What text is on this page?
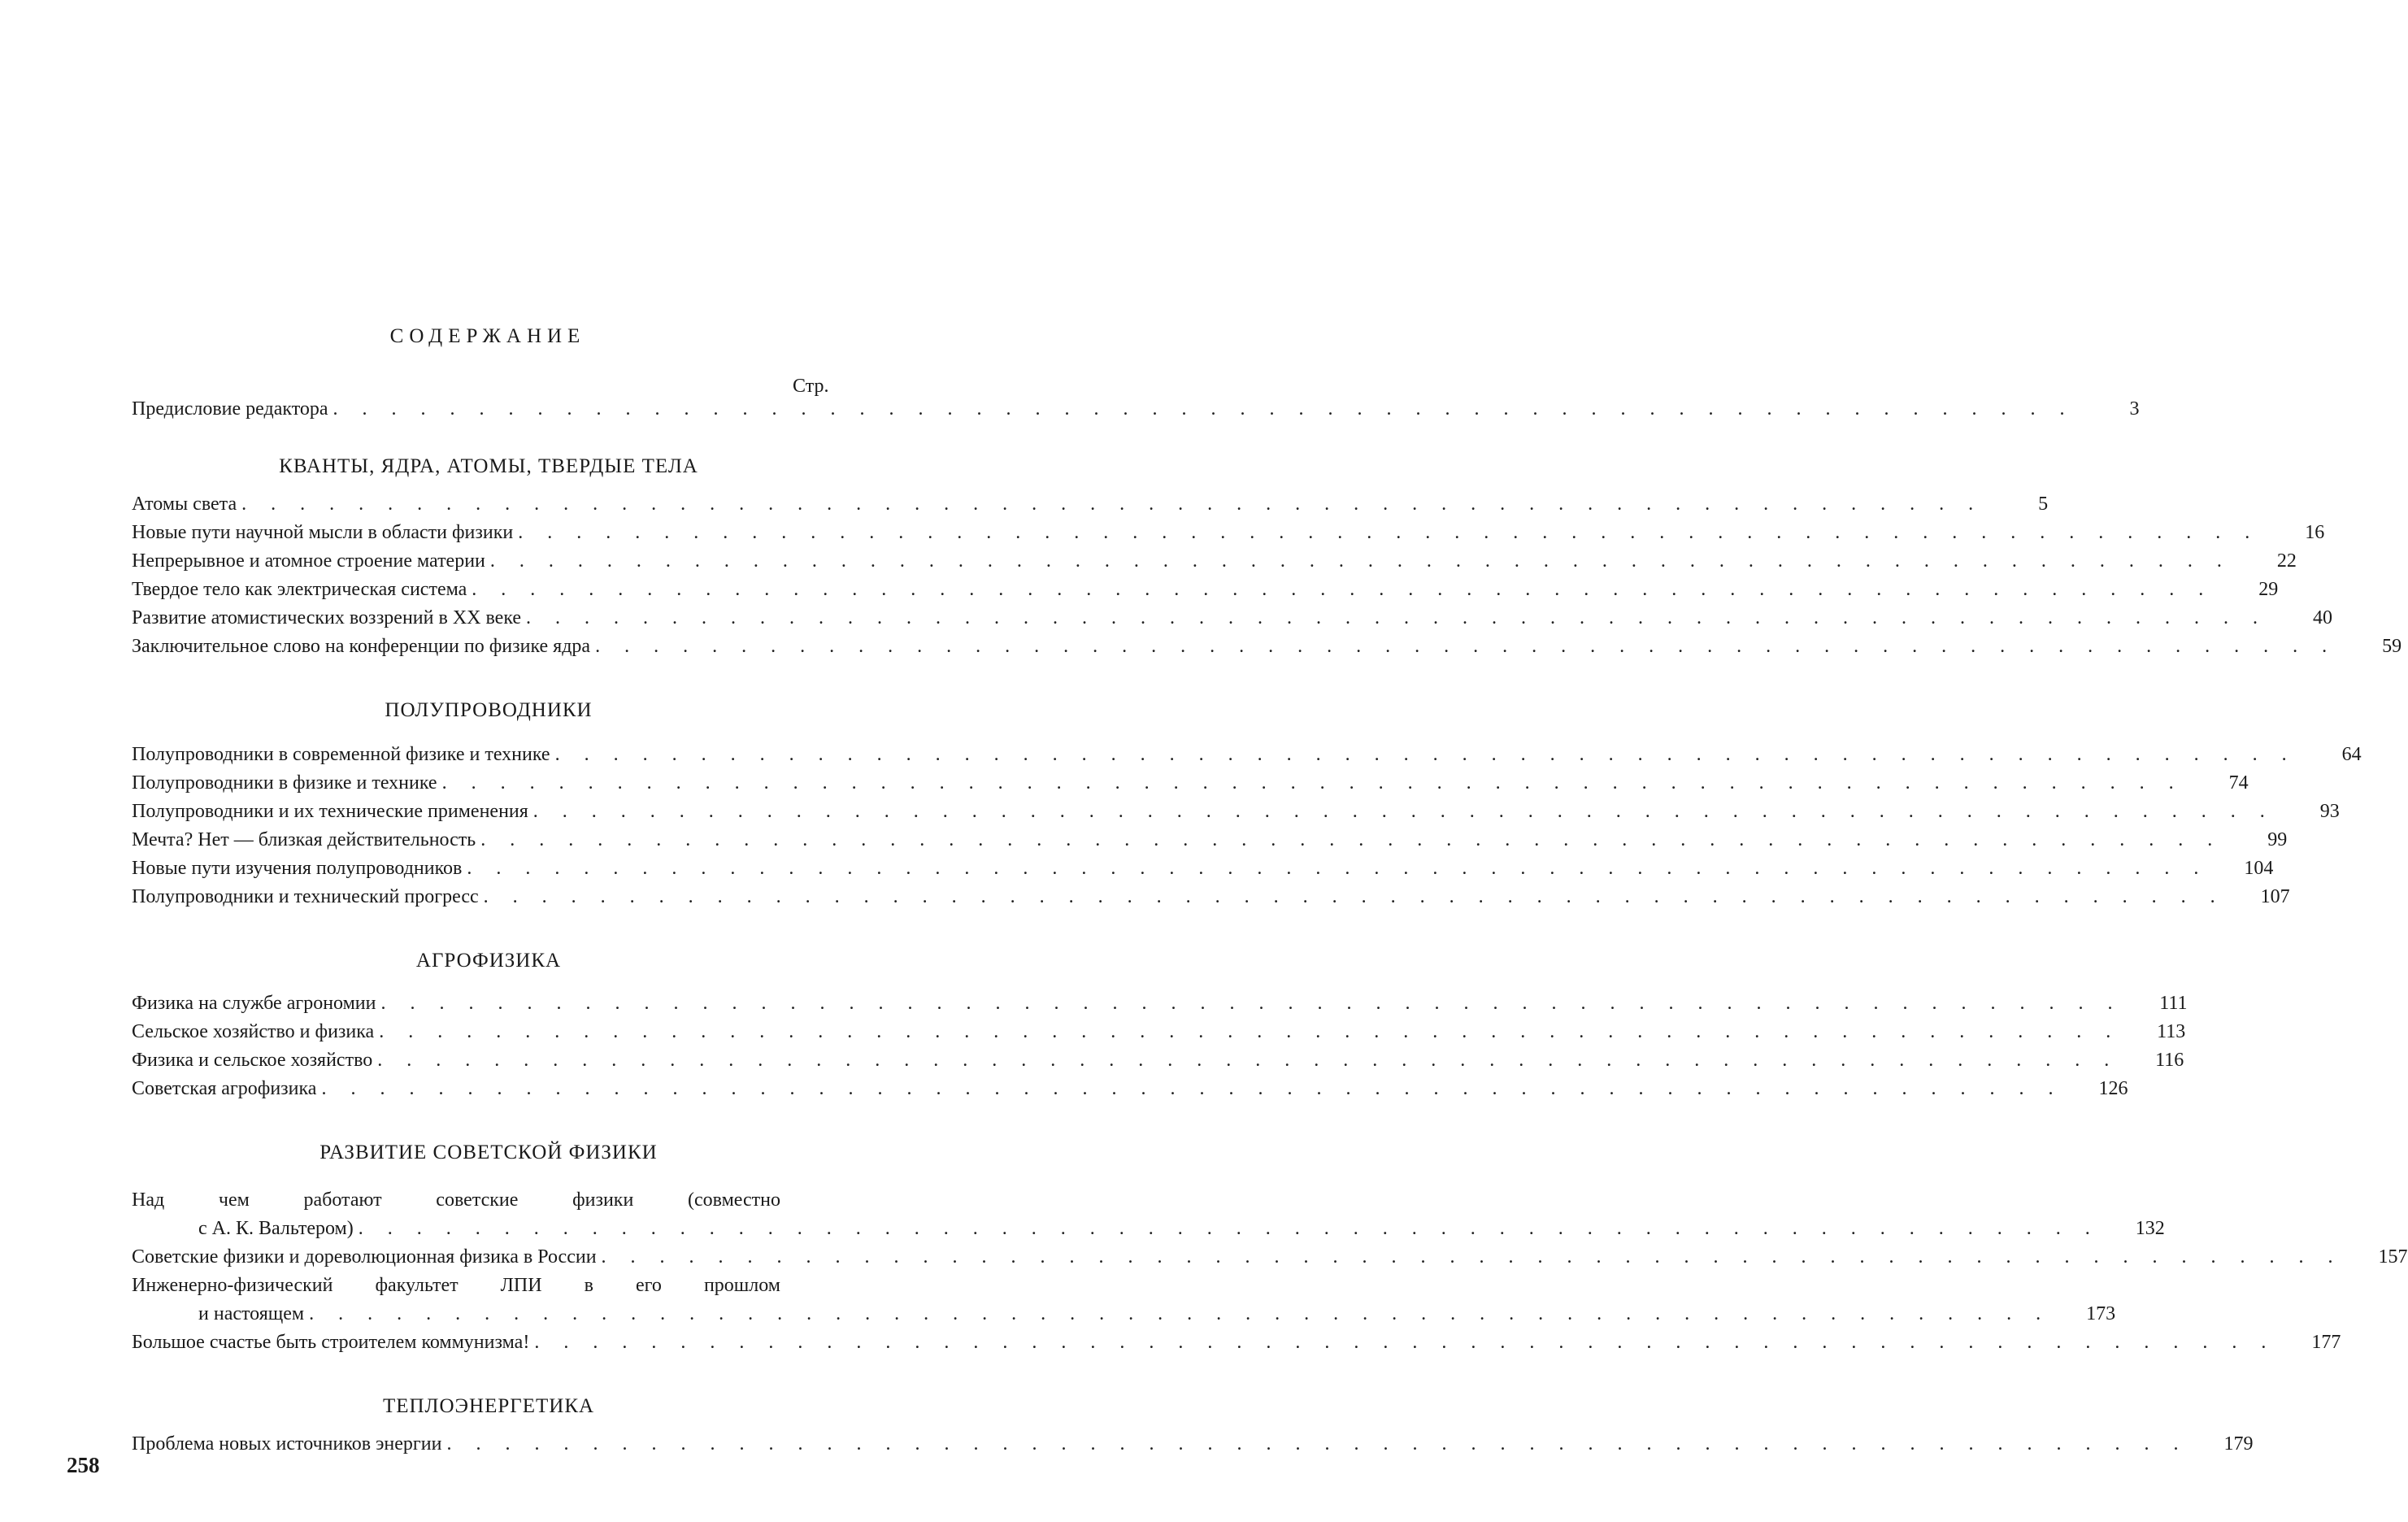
СОДЕРЖАНИЕ
Стр.
Предисловие редактора . . . . . . . . . . . . . . . . . . . . . . . . . . . . . . . . . . . . . . . . . . . . . . . . . . . . . . . . . . . .	3
КВАНТЫ, ЯДРА, АТОМЫ, ТВЕРДЫЕ ТЕЛА
Атомы света . . . . . . . . . . . . . . . . . . . . . . . . . . . . . . . . . . . . . . . . . . . . . . . . . . . . . . . . . . . .	5
Новые пути научной мысли в области физики . . . . . . . . . . . . . . . . . . . . . . . . . . . . . . . . . . . . . . . . . . . . . . . . . . . . . . . . . . . .	16
Непрерывное и атомное строение материи . . . . . . . . . . . . . . . . . . . . . . . . . . . . . . . . . . . . . . . . . . . . . . . . . . . . . . . . . . . .	22
Твердое тело как электрическая система . . . . . . . . . . . . . . . . . . . . . . . . . . . . . . . . . . . . . . . . . . . . . . . . . . . . . . . . . . . .	29
Развитие атомистических воззрений в XX веке . . . . . . . . . . . . . . . . . . . . . . . . . . . . . . . . . . . . . . . . . . . . . . . . . . . . . . . . . . . .	40
Заключительное слово на конференции по физике ядра . . . . . . . . . . . . . . . . . . . . . . . . . . . . . . . . . . . . . . . . . . . . . . . . . . . . . . . . . . . .	59
ПОЛУПРОВОДНИКИ
Полупроводники в современной физике и технике . . . . . . . . . . . . . . . . . . . . . . . . . . . . . . . . . . . . . . . . . . . . . . . . . . . . . . . . . . . .	64
Полупроводники в физике и технике . . . . . . . . . . . . . . . . . . . . . . . . . . . . . . . . . . . . . . . . . . . . . . . . . . . . . . . . . . . .	74
Полупроводники и их технические применения . . . . . . . . . . . . . . . . . . . . . . . . . . . . . . . . . . . . . . . . . . . . . . . . . . . . . . . . . . . .	93
Мечта? Нет — близкая действительность . . . . . . . . . . . . . . . . . . . . . . . . . . . . . . . . . . . . . . . . . . . . . . . . . . . . . . . . . . . .	99
Новые пути изучения полупроводников . . . . . . . . . . . . . . . . . . . . . . . . . . . . . . . . . . . . . . . . . . . . . . . . . . . . . . . . . . . .	104
Полупроводники и технический прогресс . . . . . . . . . . . . . . . . . . . . . . . . . . . . . . . . . . . . . . . . . . . . . . . . . . . . . . . . . . . .	107
АГРОФИЗИКА
Физика на службе агрономии . . . . . . . . . . . . . . . . . . . . . . . . . . . . . . . . . . . . . . . . . . . . . . . . . . . . . . . . . . . .	111
Сельское хозяйство и физика . . . . . . . . . . . . . . . . . . . . . . . . . . . . . . . . . . . . . . . . . . . . . . . . . . . . . . . . . . . .	113
Физика и сельское хозяйство . . . . . . . . . . . . . . . . . . . . . . . . . . . . . . . . . . . . . . . . . . . . . . . . . . . . . . . . . . . .	116
Советская агрофизика . . . . . . . . . . . . . . . . . . . . . . . . . . . . . . . . . . . . . . . . . . . . . . . . . . . . . . . . . . . .	126
РАЗВИТИЕ СОВЕТСКОЙ ФИЗИКИ
Над чем работают советские физики (совместно
с А. К. Вальтером) . . . . . . . . . . . . . . . . . . . . . . . . . . . . . . . . . . . . . . . . . . . . . . . . . . . . . . . . . . . .	132
Советские физики и дореволюционная физика в России . . . . . . . . . . . . . . . . . . . . . . . . . . . . . . . . . . . . . . . . . . . . . . . . . . . . . . . . . . . .	157
Инженерно-физический факультет ЛПИ в его прошлом
и настоящем . . . . . . . . . . . . . . . . . . . . . . . . . . . . . . . . . . . . . . . . . . . . . . . . . . . . . . . . . . . .	173
Большое счастье быть строителем коммунизма! . . . . . . . . . . . . . . . . . . . . . . . . . . . . . . . . . . . . . . . . . . . . . . . . . . . . . . . . . . . .	177
ТЕПЛОЭНЕРГЕТИКА
Проблема новых источников энергии . . . . . . . . . . . . . . . . . . . . . . . . . . . . . . . . . . . . . . . . . . . . . . . . . . . . . . . . . . . .	179
258
